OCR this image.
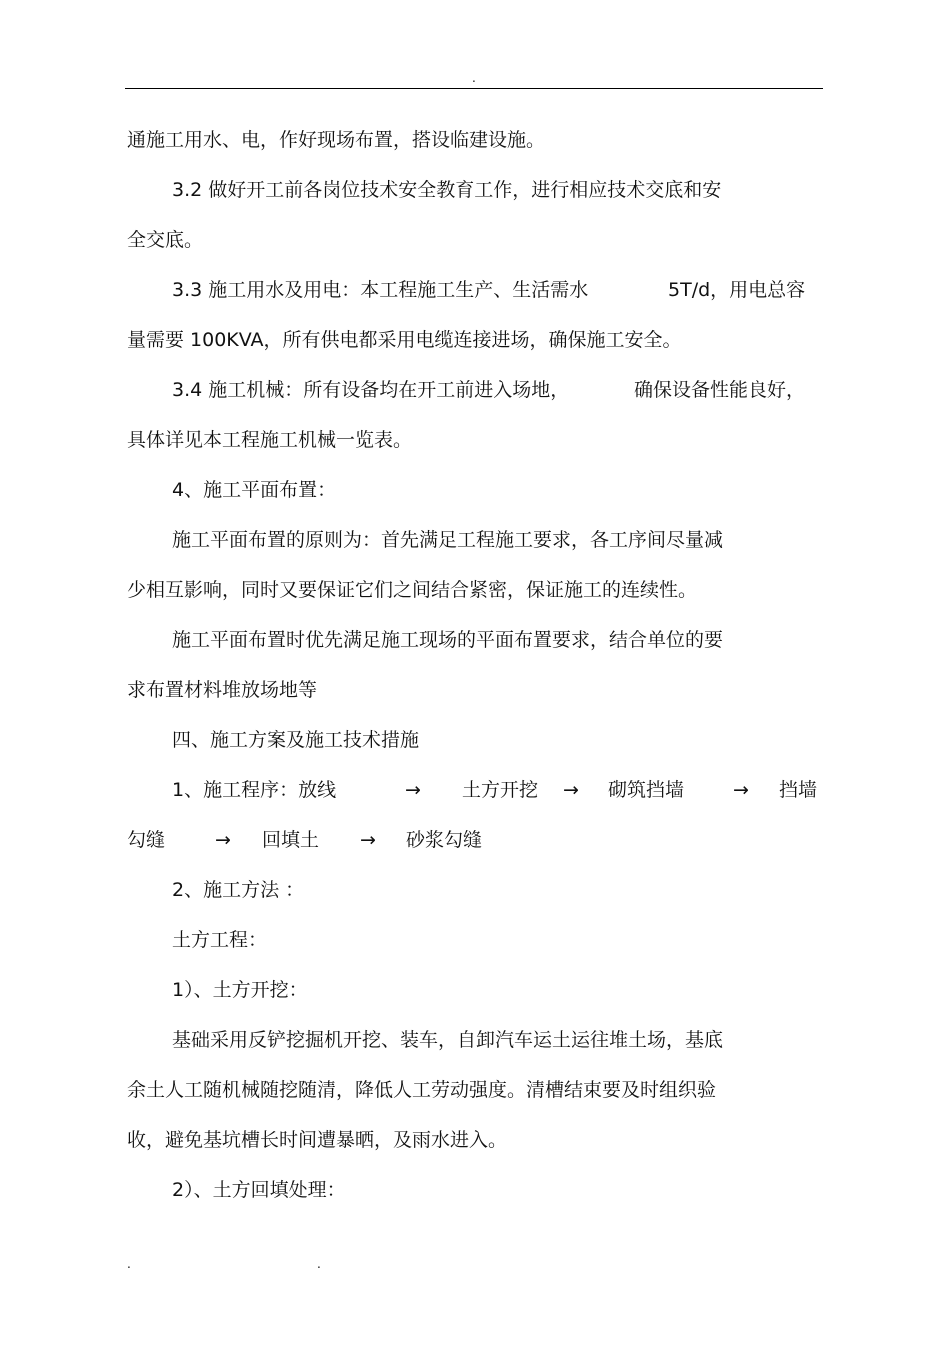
.
通施工用水、电，作好现场布置，搭设临建设施。
3.2 做好开工前各岗位技术安全教育工作，进行相应技术交底和安
全交底。
3.3 施工用水及用电：本工程施工生产、生活需水	5T/d，用电总容
量需要 100KVA，所有供电都采用电缆连接进场，确保施工安全。
3.4 施工机械：所有设备均在开工前进入场地，	确保设备性能良好，
具体详见本工程施工机械一览表。
4、施工平面布置：
施工平面布置的原则为：首先满足工程施工要求，各工序间尽量减
少相互影响，同时又要保证它们之间结合紧密，保证施工的连续性。
施工平面布置时优先满足施工现场的平面布置要求，结合单位的要
求布置材料堆放场地等
四、施工方案及施工技术措施
1、施工程序：放线	→ 土方开挖 → 砌筑挡墙	→ 挡墙
勾缝	→ 回填土 → 砂浆勾缝
2、施工方法 ：
土方工程：
1）、土方开挖：
基础采用反铲挖掘机开挖、装车，自卸汽车运土运往堆土场，基底
余土人工随机械随挖随清，降低人工劳动强度。清槽结束要及时组织验
收，避免基坑槽长时间遭暴晒，及雨水进入。
2）、土方回填处理：
.	.
